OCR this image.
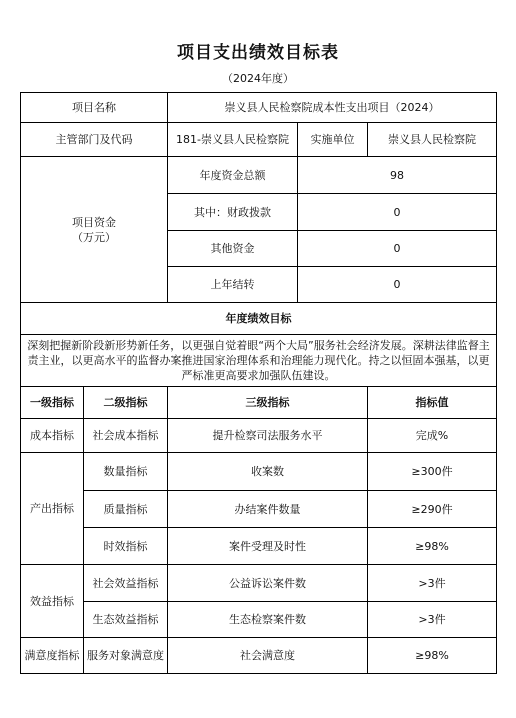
项目支出绩效目标表
（2024年度）
项目名称		崇义县人民检察院成本性支出项目（2024）		
主管部门及代码		181-崇义县人民检察院	实施单位	崇义县人民检察院
项目资金
（万元）		年度资金总额	98	
		其中：财政拨款	0	
		其他资金	0	
		上年结转	0	
年度绩效目标				
深刻把握新阶段新形势新任务，以更强自觉着眼“两个大局”服务社会经济发展。深耕法律监督主责主业，以更高水平的监督办案推进国家治理体系和治理能力现代化。持之以恒固本强基，以更严标准更高要求加强队伍建设。				
一级指标	二级指标	三级指标		指标值
成本指标	社会成本指标	提升检察司法服务水平		完成%
产出指标	数量指标	收案数		≥300件
	质量指标	办结案件数量		≥290件
	时效指标	案件受理及时性		≥98%
效益指标	社会效益指标	公益诉讼案件数		>3件
	生态效益指标	生态检察案件数		>3件
满意度指标	服务对象满意度	社会满意度		≥98%
